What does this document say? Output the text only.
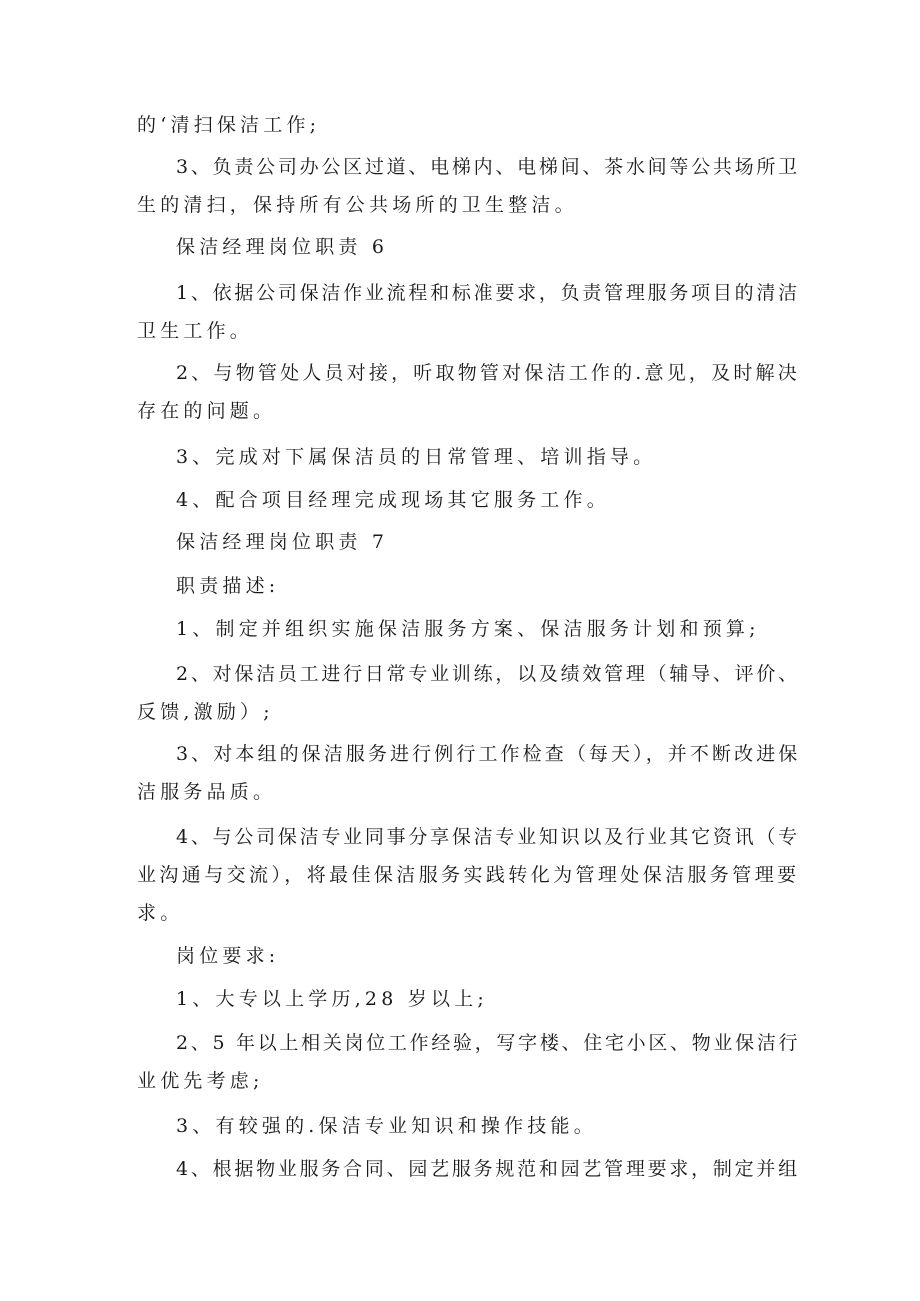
的‘清扫保洁工作;

3、负责公司办公区过道、电梯内、电梯间、茶水间等公共场所卫

生的清扫，保持所有公共场所的卫生整洁。

保洁经理岗位职责 6

1、依据公司保洁作业流程和标准要求，负责管理服务项目的清洁

卫生工作。

2、与物管处人员对接，听取物管对保洁工作的.意见，及时解决

存在的问题。

3、完成对下属保洁员的日常管理、培训指导。

4、配合项目经理完成现场其它服务工作。

保洁经理岗位职责 7

职责描述:

1、制定并组织实施保洁服务方案、保洁服务计划和预算;

2、对保洁员工进行日常专业训练，以及绩效管理（辅导、评价、

反馈,激励）;

3、对本组的保洁服务进行例行工作检查（每天），并不断改进保

洁服务品质。

4、与公司保洁专业同事分享保洁专业知识以及行业其它资讯（专

业沟通与交流），将最佳保洁服务实践转化为管理处保洁服务管理要

求。

岗位要求:

1、大专以上学历,28 岁以上;

2、5 年以上相关岗位工作经验，写字楼、住宅小区、物业保洁行

业优先考虑;

3、有较强的.保洁专业知识和操作技能。

4、根据物业服务合同、园艺服务规范和园艺管理要求，制定并组
